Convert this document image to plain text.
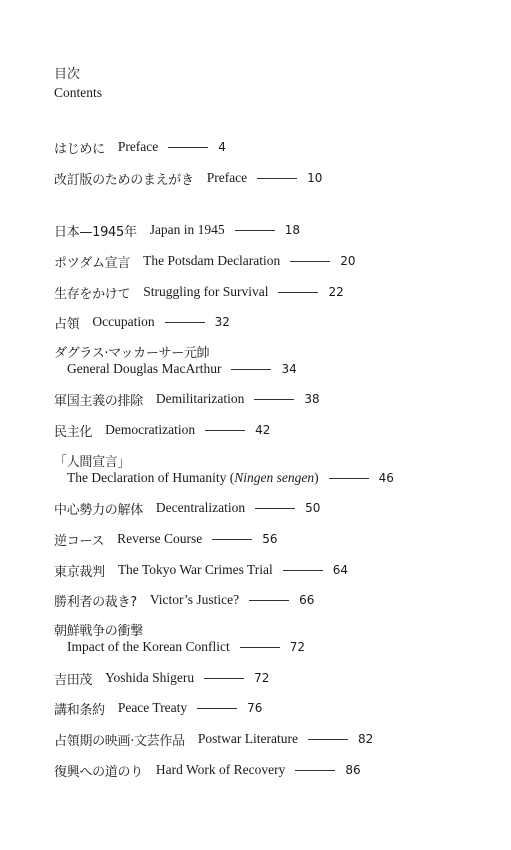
目次
Contents
はじめに Preface	4
改訂版のためのまえがき Preface	10
日本—1945年 Japan in 1945	18
ポツダム宣言 The Potsdam Declaration	20
生存をかけて Struggling for Survival	22
占領 Occupation	32
ダグラス·マッカーサー元帥
General Douglas MacArthur	34
軍国主義の排除 Demilitarization	38
民主化 Democratization	42
「人間宣言」
The Declaration of Humanity (Ningen sengen)	46
中心勢力の解体 Decentralization	50
逆コース Reverse Course	56
東京裁判 The Tokyo War Crimes Trial	64
勝利者の裁き? Victor’s Justice?	66
朝鮮戦争の衝撃
Impact of the Korean Conflict	72
吉田茂 Yoshida Shigeru	72
講和条約 Peace Treaty	76
占領期の映画·文芸作品 Postwar Literature	82
復興への道のり Hard Work of Recovery	86
